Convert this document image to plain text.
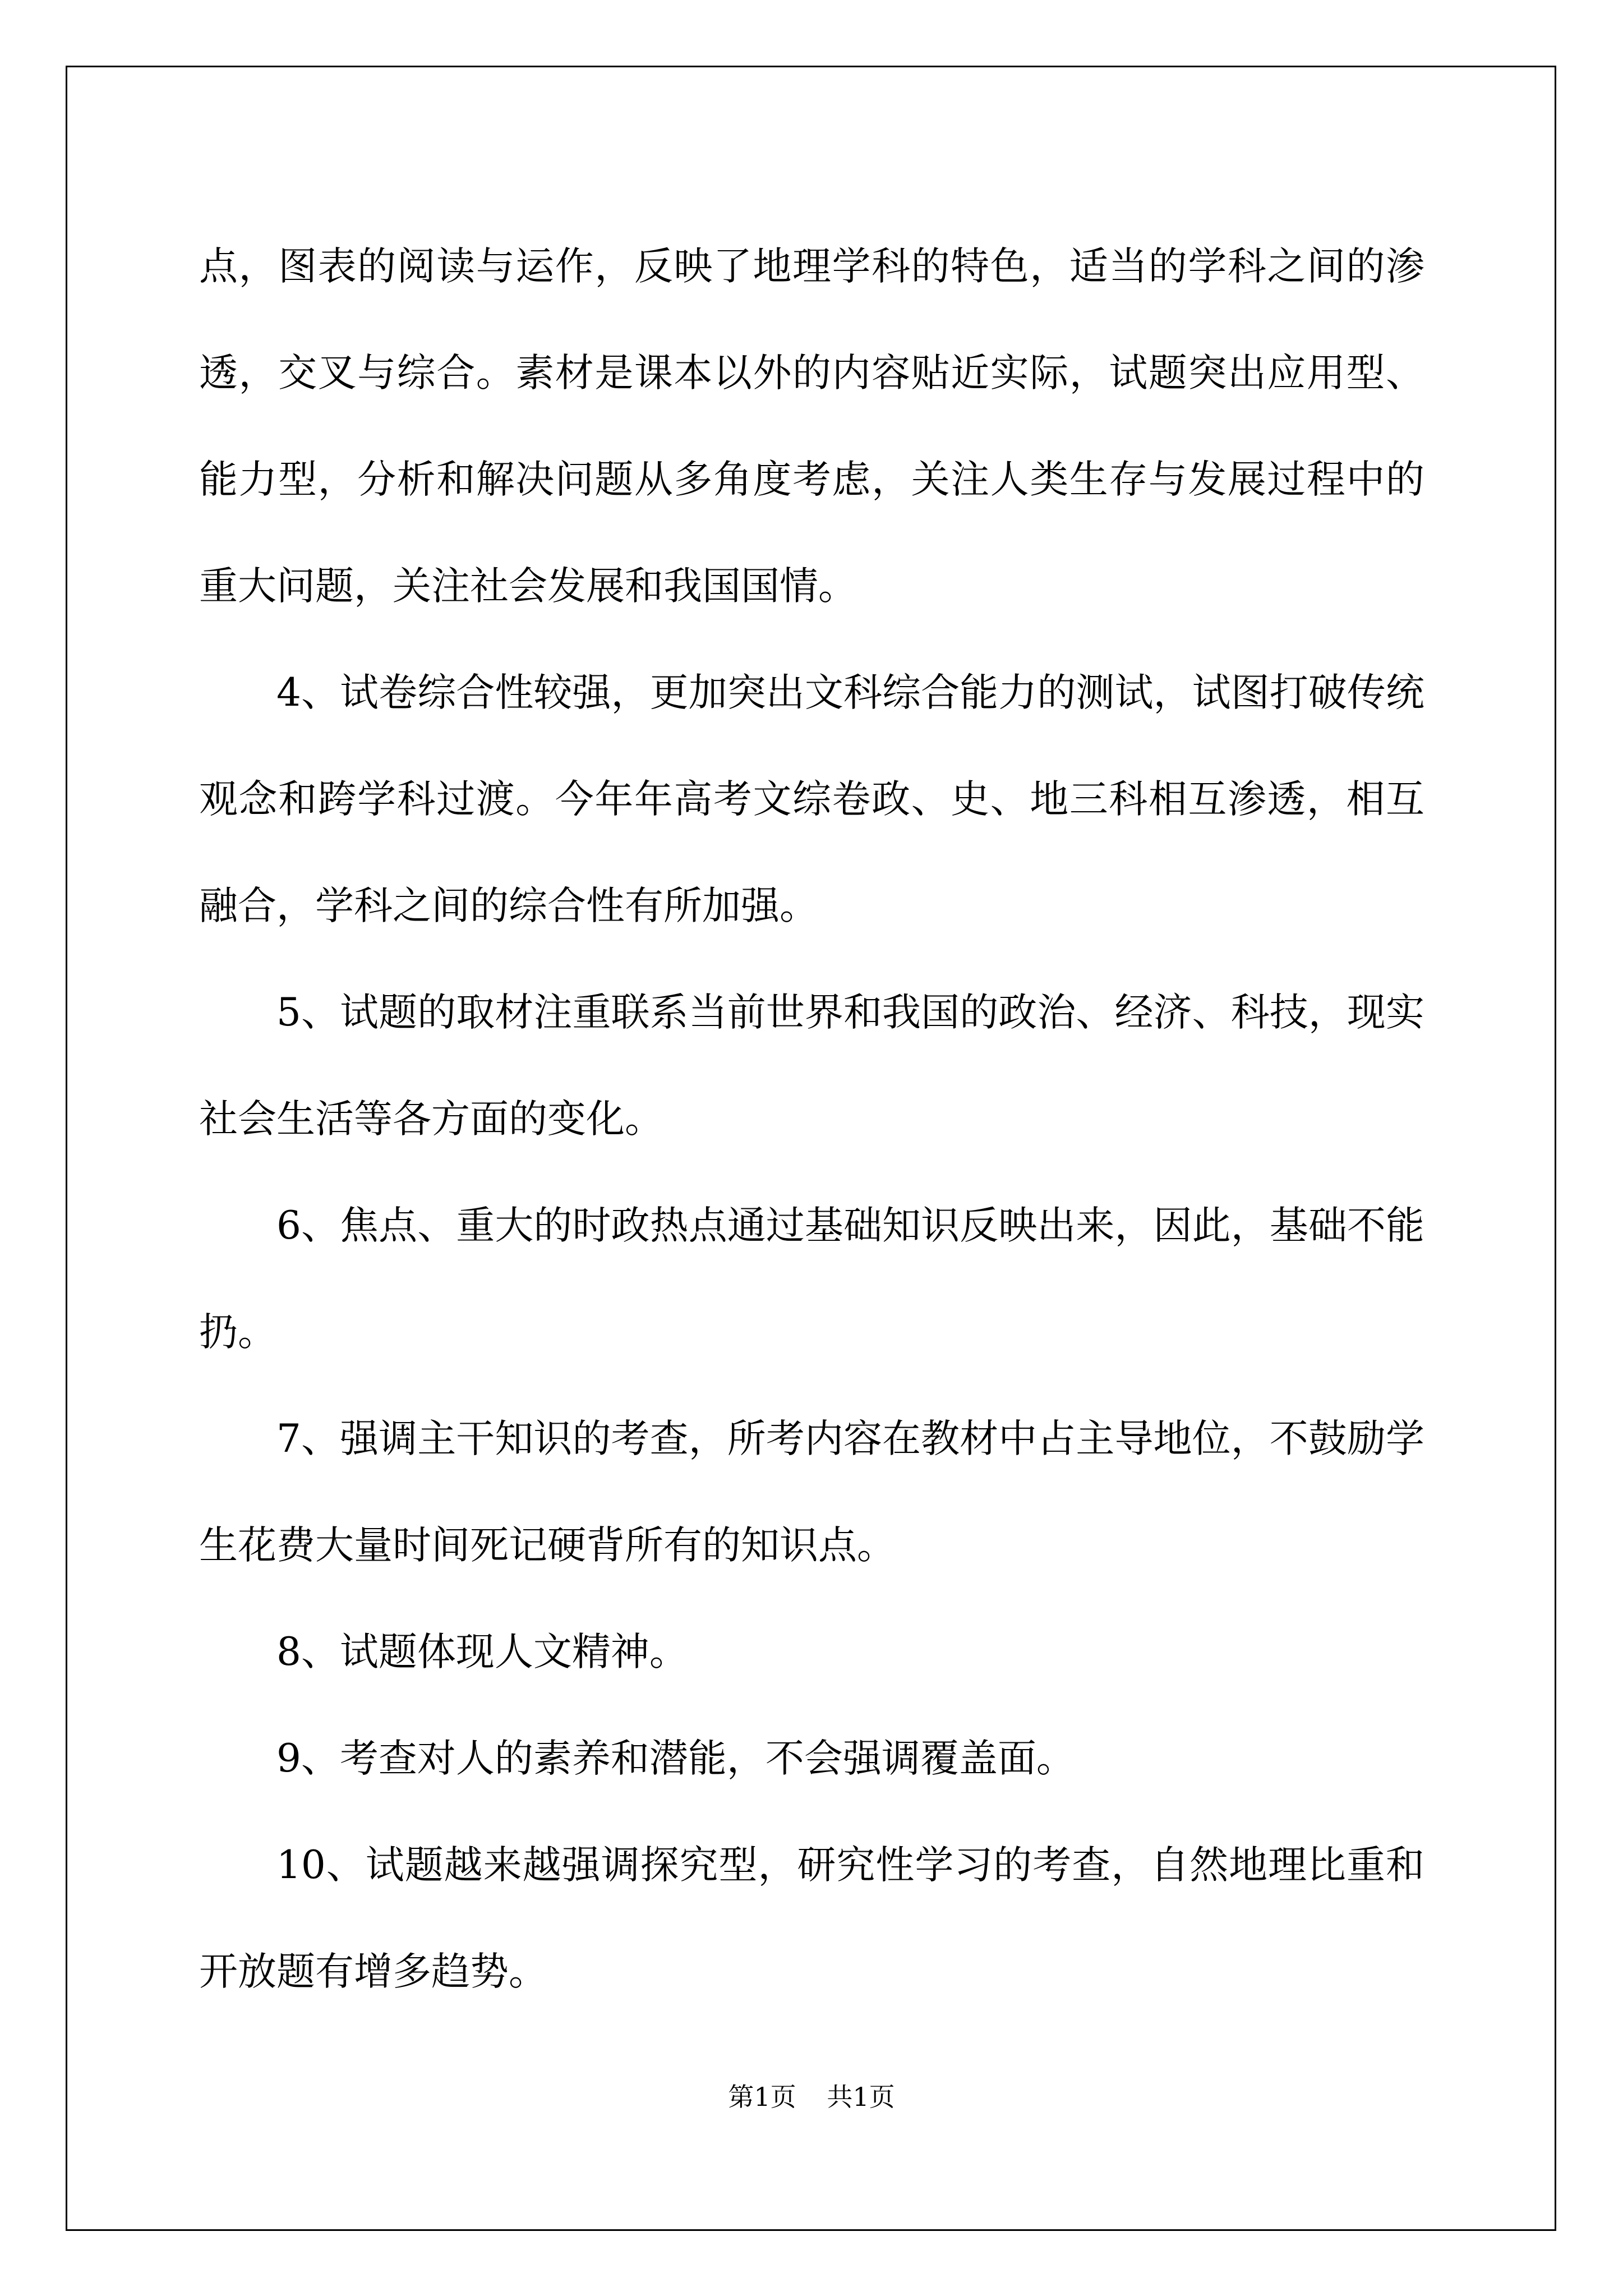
点，图表的阅读与运作，反映了地理学科的特色，适当的学科之间的渗透，交叉与综合。素材是课本以外的内容贴近实际，试题突出应用型、能力型，分析和解决问题从多角度考虑，关注人类生存与发展过程中的重大问题，关注社会发展和我国国情。

4、试卷综合性较强，更加突出文科综合能力的测试，试图打破传统观念和跨学科过渡。今年年高考文综卷政、史、地三科相互渗透，相互融合，学科之间的综合性有所加强。

5、试题的取材注重联系当前世界和我国的政治、经济、科技，现实社会生活等各方面的变化。

6、焦点、重大的时政热点通过基础知识反映出来，因此，基础不能扔。

7、强调主干知识的考查，所考内容在教材中占主导地位，不鼓励学生花费大量时间死记硬背所有的知识点。

8、试题体现人文精神。

9、考查对人的素养和潜能，不会强调覆盖面。

10、试题越来越强调探究型，研究性学习的考查，自然地理比重和开放题有增多趋势。

第1页 共1页
